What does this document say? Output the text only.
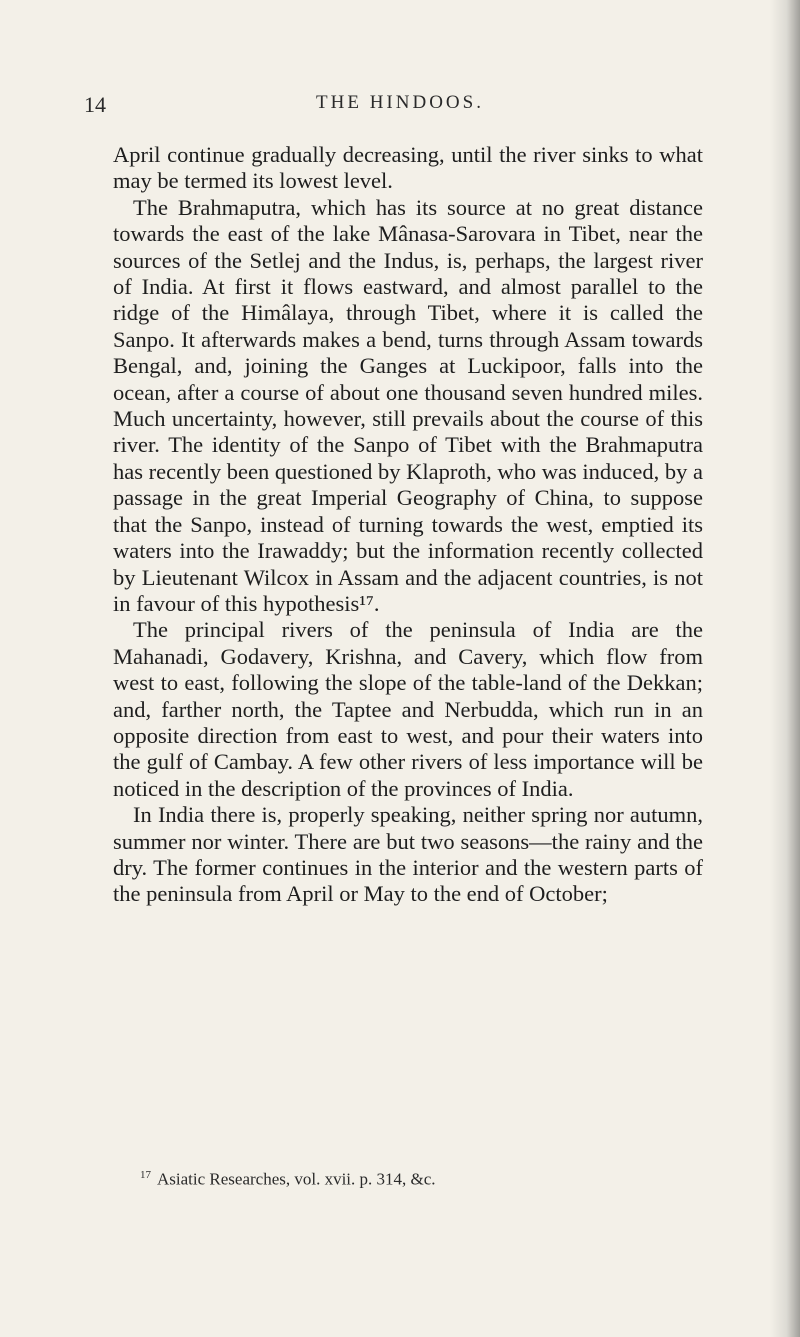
14	THE HINDOOS.

April continue gradually decreasing, until the river sinks to what may be termed its lowest level.

The Brahmaputra, which has its source at no great distance towards the east of the lake Mânasa-Sarovara in Tibet, near the sources of the Setlej and the Indus, is, perhaps, the largest river of India. At first it flows eastward, and almost parallel to the ridge of the Himâlaya, through Tibet, where it is called the Sanpo. It afterwards makes a bend, turns through Assam towards Bengal, and, joining the Ganges at Luckipoor, falls into the ocean, after a course of about one thousand seven hundred miles. Much uncertainty, however, still prevails about the course of this river. The identity of the Sanpo of Tibet with the Brahmaputra has recently been questioned by Klaproth, who was induced, by a passage in the great Imperial Geography of China, to suppose that the Sanpo, instead of turning towards the west, emptied its waters into the Irawaddy; but the information recently collected by Lieutenant Wilcox in Assam and the adjacent countries, is not in favour of this hypothesis¹⁷.

The principal rivers of the peninsula of India are the Mahanadi, Godavery, Krishna, and Cavery, which flow from west to east, following the slope of the table-land of the Dekkan; and, farther north, the Taptee and Nerbudda, which run in an opposite direction from east to west, and pour their waters into the gulf of Cambay. A few other rivers of less importance will be noticed in the description of the provinces of India.

In India there is, properly speaking, neither spring nor autumn, summer nor winter. There are but two seasons—the rainy and the dry. The former continues in the interior and the western parts of the peninsula from April or May to the end of October;

$^{17}$ Asiatic Researches, vol. xvii. p. 314, &c.
